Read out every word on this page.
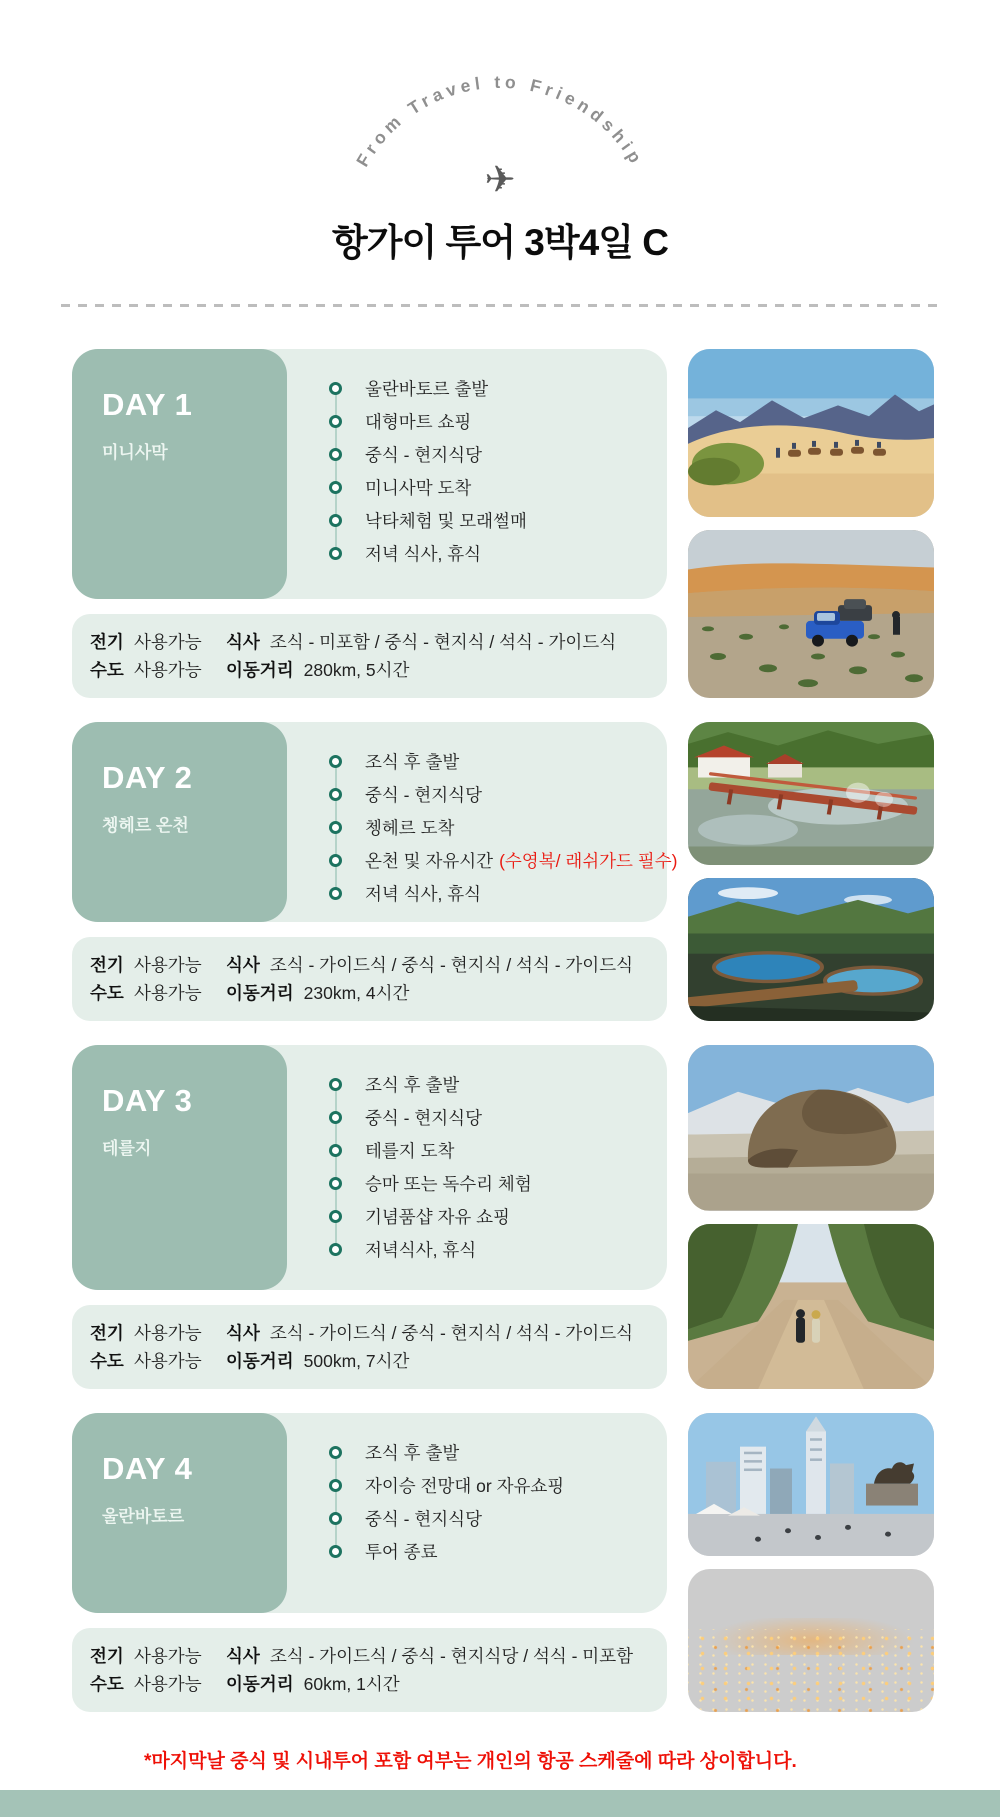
From Travel to Friendship
✈
항가이 투어 3박4일 C
DAY 1
미니사막
울란바토르 출발
대형마트 쇼핑
중식 - 현지식당
미니사막 도착
낙타체험 및 모래썰매
저녁 식사, 휴식
전기 사용가능	식사 조식 - 미포함 / 중식 - 현지식 / 석식 - 가이드식
수도 사용가능	이동거리 280km, 5시간
DAY 2
쳉헤르 온천
조식 후 출발
중식 - 현지식당
쳉헤르 도착
온천 및 자유시간 (수영복/ 래쉬가드 필수)
저녁 식사, 휴식
전기 사용가능	식사 조식 - 가이드식 / 중식 - 현지식 / 석식 - 가이드식
수도 사용가능	이동거리 230km, 4시간
DAY 3
테를지
조식 후 출발
중식 - 현지식당
테를지 도착
승마 또는 독수리 체험
기념품샵 자유 쇼핑
저녁식사, 휴식
전기 사용가능	식사 조식 - 가이드식 / 중식 - 현지식 / 석식 - 가이드식
수도 사용가능	이동거리 500km, 7시간
DAY 4
울란바토르
조식 후 출발
자이승 전망대 or 자유쇼핑
중식 - 현지식당
투어 종료
전기 사용가능	식사 조식 - 가이드식 / 중식 - 현지식당 / 석식 - 미포함
수도 사용가능	이동거리 60km, 1시간

*마지막날 중식 및 시내투어 포함 여부는 개인의 항공 스케줄에 따라 상이합니다.
